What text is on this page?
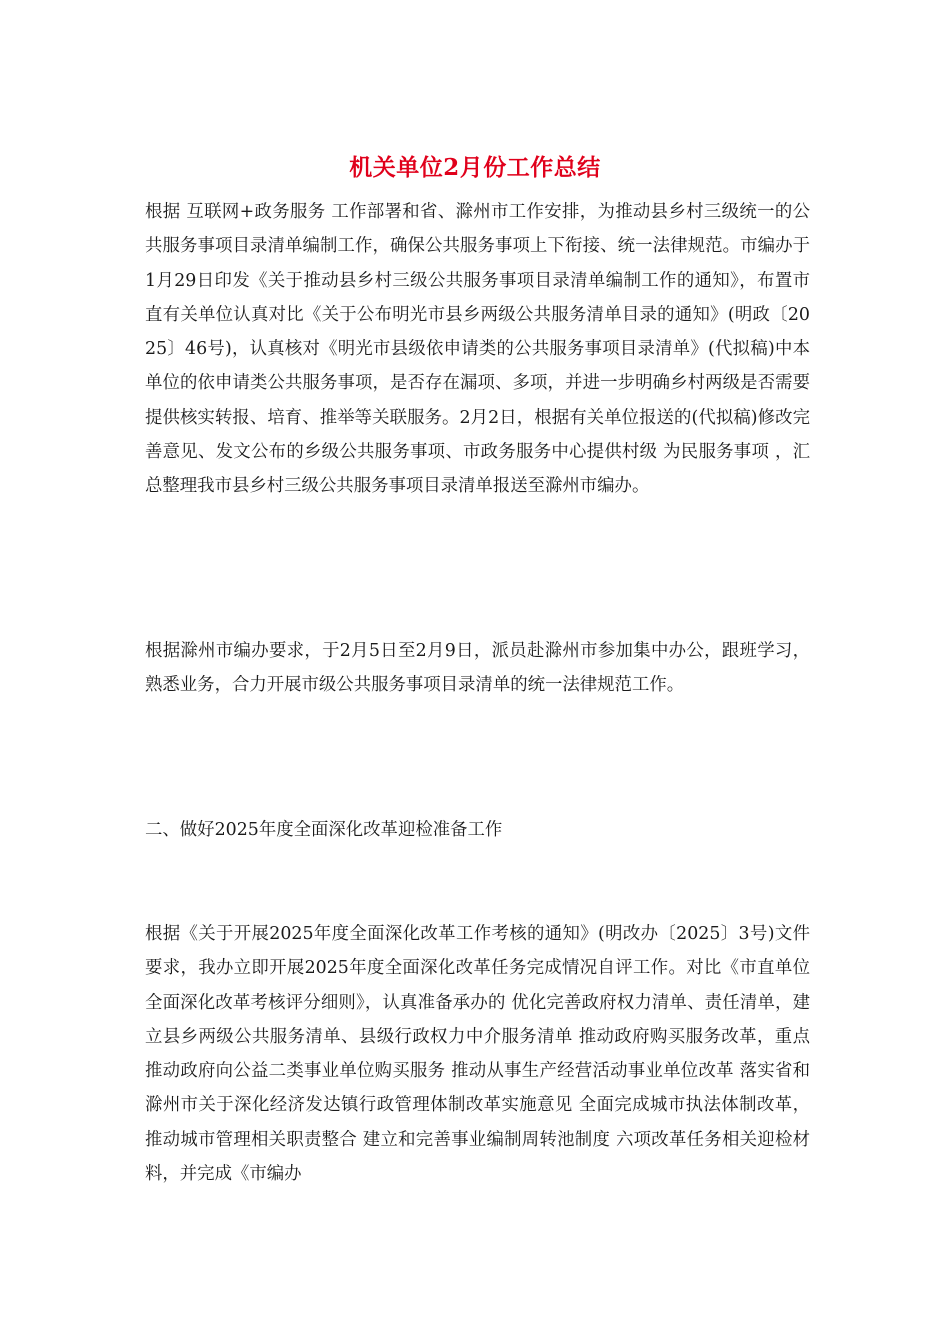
机关单位2月份工作总结

根据 互联网+政务服务 工作部署和省、滁州市工作安排，为推动县乡村三级统一的公共服务事项目录清单编制工作，确保公共服务事项上下衔接、统一法律规范。市编办于1月29日印发《关于推动县乡村三级公共服务事项目录清单编制工作的通知》，布置市直有关单位认真对比《关于公布明光市县乡两级公共服务清单目录的通知》(明政〔2025〕46号)，认真核对《明光市县级依申请类的公共服务事项目录清单》(代拟稿)中本单位的依申请类公共服务事项，是否存在漏项、多项，并进一步明确乡村两级是否需要提供核实转报、培育、推举等关联服务。2月2日，根据有关单位报送的(代拟稿)修改完善意见、发文公布的乡级公共服务事项、市政务服务中心提供村级 为民服务事项 ，汇总整理我市县乡村三级公共服务事项目录清单报送至滁州市编办。

根据滁州市编办要求，于2月5日至2月9日，派员赴滁州市参加集中办公，跟班学习，熟悉业务，合力开展市级公共服务事项目录清单的统一法律规范工作。

二、做好2025年度全面深化改革迎检准备工作

根据《关于开展2025年度全面深化改革工作考核的通知》(明改办〔2025〕3号)文件要求，我办立即开展2025年度全面深化改革任务完成情况自评工作。对比《市直单位全面深化改革考核评分细则》，认真准备承办的 优化完善政府权力清单、责任清单，建立县乡两级公共服务清单、县级行政权力中介服务清单 推动政府购买服务改革，重点推动政府向公益二类事业单位购买服务 推动从事生产经营活动事业单位改革 落实省和滁州市关于深化经济发达镇行政管理体制改革实施意见 全面完成城市执法体制改革，推动城市管理相关职责整合 建立和完善事业编制周转池制度 六项改革任务相关迎检材料，并完成《市编办
